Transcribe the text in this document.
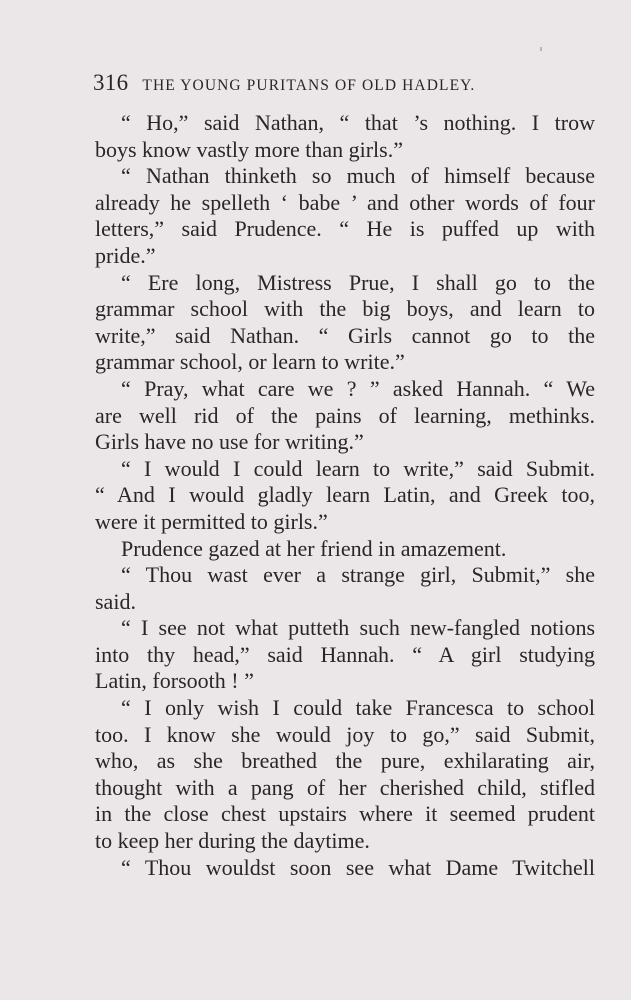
316 THE YOUNG PURITANS OF OLD HADLEY.
“ Ho,” said Nathan, “ that ’s nothing. I trow
boys know vastly more than girls.”
“ Nathan thinketh so much of himself because
already he spelleth ‘ babe ’ and other words of four
letters,” said Prudence. “ He is puffed up with
pride.”
“ Ere long, Mistress Prue, I shall go to the
grammar school with the big boys, and learn to
write,” said Nathan. “ Girls cannot go to the
grammar school, or learn to write.”
“ Pray, what care we ? ” asked Hannah. “ We
are well rid of the pains of learning, methinks.
Girls have no use for writing.”
“ I would I could learn to write,” said Submit.
“ And I would gladly learn Latin, and Greek too,
were it permitted to girls.”
Prudence gazed at her friend in amazement.
“ Thou wast ever a strange girl, Submit,” she
said.
“ I see not what putteth such new-fangled notions
into thy head,” said Hannah. “ A girl studying
Latin, forsooth ! ”
“ I only wish I could take Francesca to school
too. I know she would joy to go,” said Submit,
who, as she breathed the pure, exhilarating air,
thought with a pang of her cherished child, stifled
in the close chest upstairs where it seemed prudent
to keep her during the daytime.
“ Thou wouldst soon see what Dame Twitchell
